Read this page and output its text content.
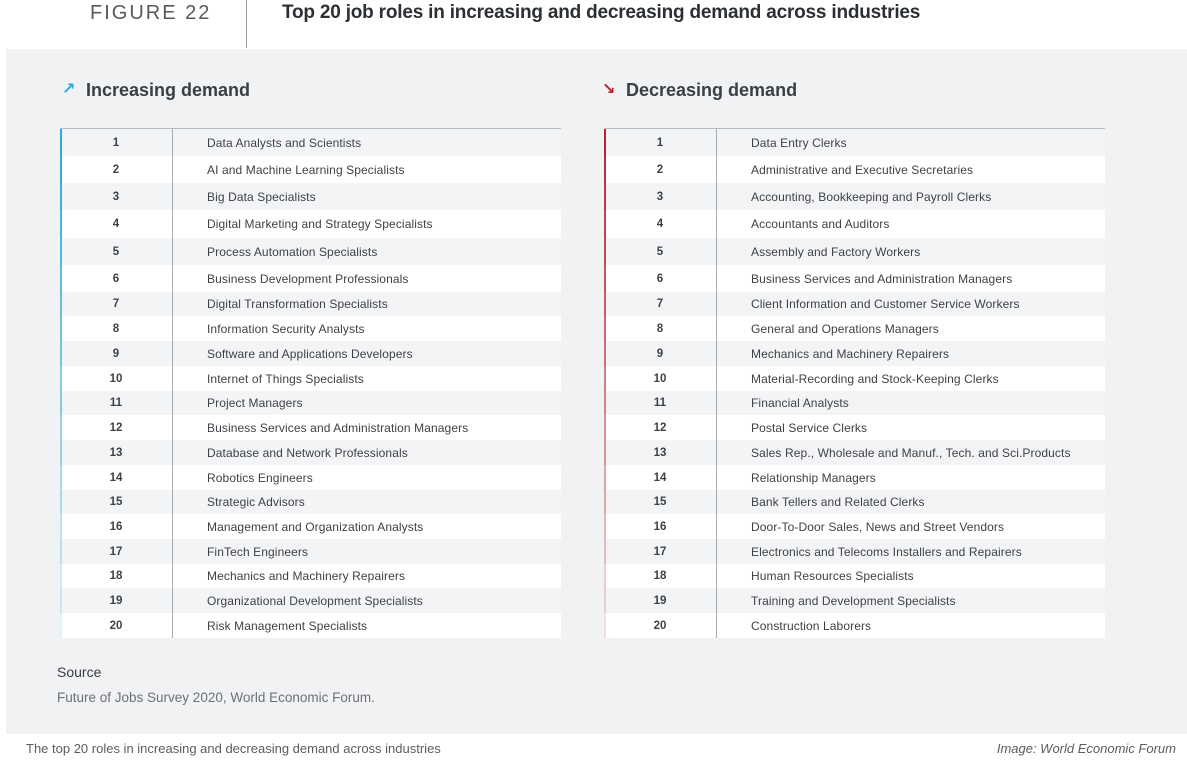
FIGURE 22	Top 20 job roles in increasing and decreasing demand across industries
↗ Increasing demand	↘ Decreasing demand
1	Data Analysts and Scientists
2	AI and Machine Learning Specialists
3	Big Data Specialists
4	Digital Marketing and Strategy Specialists
5	Process Automation Specialists
6	Business Development Professionals
7	Digital Transformation Specialists
8	Information Security Analysts
9	Software and Applications Developers
10	Internet of Things Specialists
11	Project Managers
12	Business Services and Administration Managers
13	Database and Network Professionals
14	Robotics Engineers
15	Strategic Advisors
16	Management and Organization Analysts
17	FinTech Engineers
18	Mechanics and Machinery Repairers
19	Organizational Development Specialists
20	Risk Management Specialists
1	Data Entry Clerks
2	Administrative and Executive Secretaries
3	Accounting, Bookkeeping and Payroll Clerks
4	Accountants and Auditors
5	Assembly and Factory Workers
6	Business Services and Administration Managers
7	Client Information and Customer Service Workers
8	General and Operations Managers
9	Mechanics and Machinery Repairers
10	Material-Recording and Stock-Keeping Clerks
11	Financial Analysts
12	Postal Service Clerks
13	Sales Rep., Wholesale and Manuf., Tech. and Sci.Products
14	Relationship Managers
15	Bank Tellers and Related Clerks
16	Door-To-Door Sales, News and Street Vendors
17	Electronics and Telecoms Installers and Repairers
18	Human Resources Specialists
19	Training and Development Specialists
20	Construction Laborers
Source
Future of Jobs Survey 2020, World Economic Forum.
The top 20 roles in increasing and decreasing demand across industries	Image: World Economic Forum
